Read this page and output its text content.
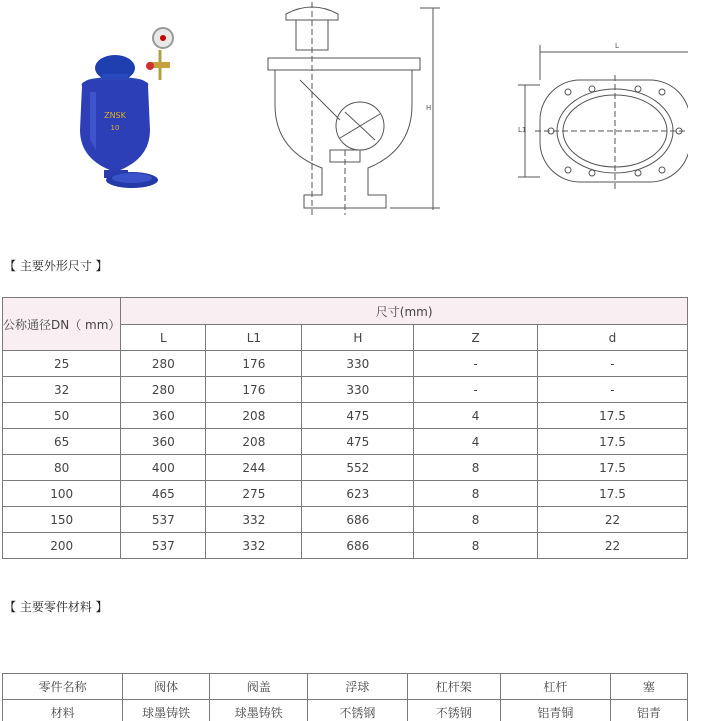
ZNSK
10
H
L
L1
【 主要外形尺寸 】
公称通径DN（ mm）	尺寸(mm)				
	L	L1	H	Z	d
25	280	176	330	-	-
32	280	176	330	-	-
50	360	208	475	4	17.5
65	360	208	475	4	17.5
80	400	244	552	8	17.5
100	465	275	623	8	17.5
150	537	332	686	8	22
200	537	332	686	8	22
【 主要零件材料 】
零件名称	阀体	阀盖	浮球	杠杆架	杠杆	塞
材料	球墨铸铁	球墨铸铁	不锈钢	不锈钢	铝青铜	铝青
